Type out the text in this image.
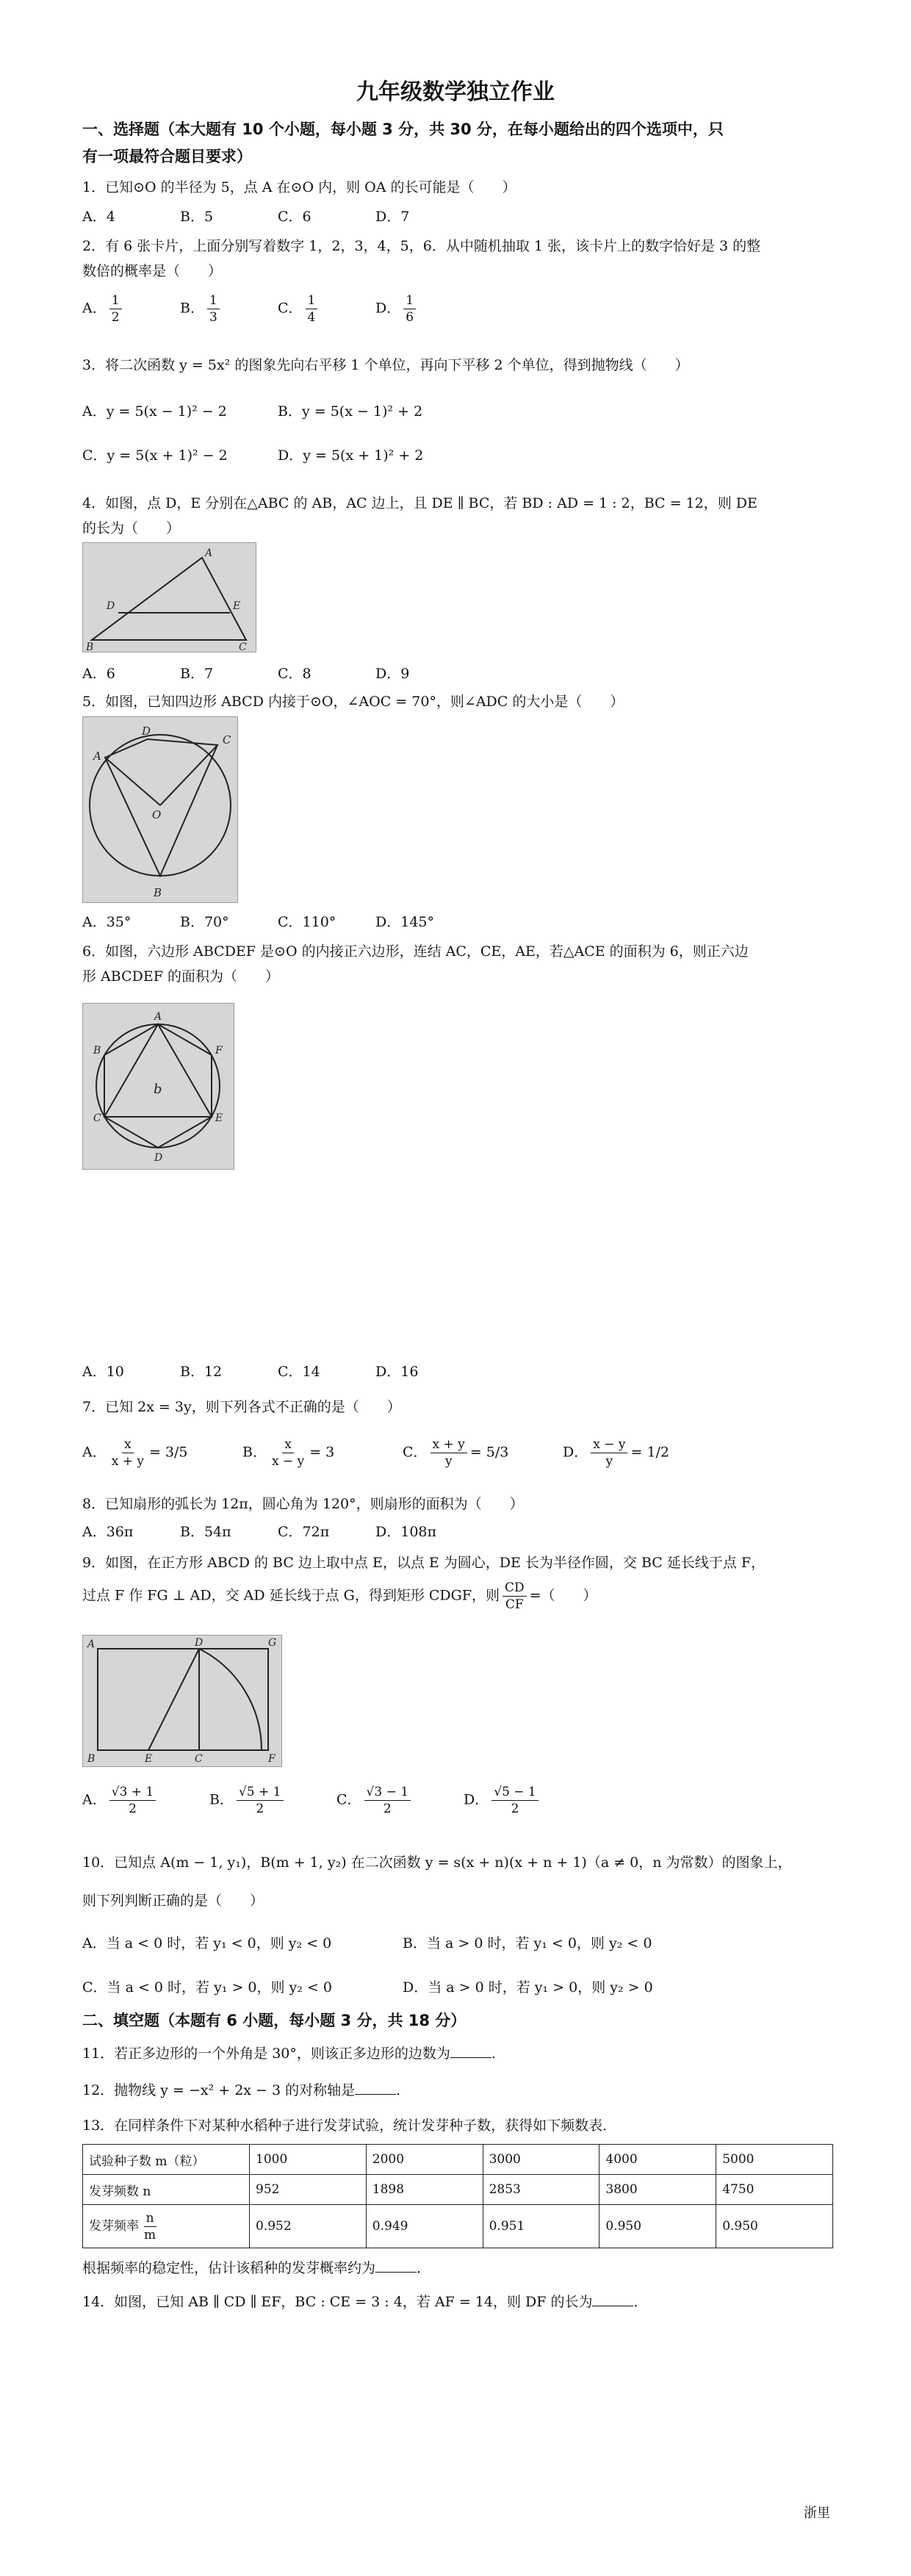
九年级数学独立作业
一、选择题（本大题有 10 个小题，每小题 3 分，共 30 分，在每小题给出的四个选项中，只
有一项最符合题目要求）
1．已知⊙O 的半径为 5，点 A 在⊙O 内，则 OA 的长可能是（　　）
A．4	B．5	C．6	D．7
2．有 6 张卡片，上面分别写着数字 1，2，3，4，5，6．从中随机抽取 1 张，该卡片上的数字恰好是 3 的整
数倍的概率是（　　）
A． $\frac{1}{2}$	B． $\frac{1}{3}$	C． $\frac{1}{4}$	D． $\frac{1}{6}$
3．将二次函数 y = 5x² 的图象先向右平移 1 个单位，再向下平移 2 个单位，得到抛物线（　　）
A．y = 5(x − 1)² − 2	B．y = 5(x − 1)² + 2
C．y = 5(x + 1)² − 2	D．y = 5(x + 1)² + 2
4．如图，点 D，E 分别在△ABC 的 AB，AC 边上，且 DE ∥ BC，若 BD : AD = 1 : 2，BC = 12，则 DE
的长为（　　）
A
B	C
D	E
A．6	B．7	C．8	D．9
5．如图，已知四边形 ABCD 内接于⊙O，∠AOC = 70°，则∠ADC 的大小是（　　）
A
B
C
D
O
A．35°	B．70°	C．110°	D．145°
6．如图，六边形 ABCDEF 是⊙O 的内接正六边形，连结 AC，CE，AE，若△ACE 的面积为 6，则正六边
形 ABCDEF 的面积为（　　）
A
B
C
D
E
F
b
A．10	B．12	C．14	D．16
7．已知 2x = 3y，则下列各式不正确的是（　　）
A． $\frac{x}{x + y} = 3/5$	B． $\frac{x}{x - y} = 3$	C． $\frac{x + y}{y} = 5/3$	D． $\frac{x - y}{y} = 1/2$
8．已知扇形的弧长为 12π，圆心角为 120°，则扇形的面积为（　　）
A．36π	B．54π	C．72π	D．108π
9．如图，在正方形 ABCD 的 BC 边上取中点 E，以点 E 为圆心，DE 长为半径作圆，交 BC 延长线于点 F，
过点 F 作 FG ⊥ AD，交 AD 延长线于点 G，得到矩形 CDGF，则 $\frac{CD}{CF}$ =（　　）
A
B	C
D
E	F
G
A． $\frac{√3 + 1}{2}$	B． $\frac{√5 + 1}{2}$	C． $\frac{√3 - 1}{2}$	D． $\frac{√5 - 1}{2}$
10．已知点 A(m − 1, y₁)，B(m + 1, y₂) 在二次函数 y = s(x + n)(x + n + 1)（a ≠ 0，n 为常数）的图象上，
则下列判断正确的是（　　）
A．当 a < 0 时，若 y₁ < 0，则 y₂ < 0	B．当 a > 0 时，若 y₁ < 0，则 y₂ < 0
C．当 a < 0 时，若 y₁ > 0，则 y₂ < 0	D．当 a > 0 时，若 y₁ > 0，则 y₂ > 0
二、填空题（本题有 6 小题，每小题 3 分，共 18 分）
11．若正多边形的一个外角是 30°，则该正多边形的边数为	．
12．抛物线 y = −x² + 2x − 3 的对称轴是	．
13．在同样条件下对某种水稻种子进行发芽试验，统计发芽种子数，获得如下频数表．
试验种子数 m（粒）	1000	2000	3000	4000	5000
发芽频数 n	952	1898	2853	3800	4750
发芽频率 $\frac{n}{m}$	0.952	0.949	0.951	0.950	0.950
根据频率的稳定性，估计该稻种的发芽概率约为	．
14．如图，已知 AB ∥ CD ∥ EF，BC : CE = 3 : 4，若 AF = 14，则 DF 的长为	．
浙里
